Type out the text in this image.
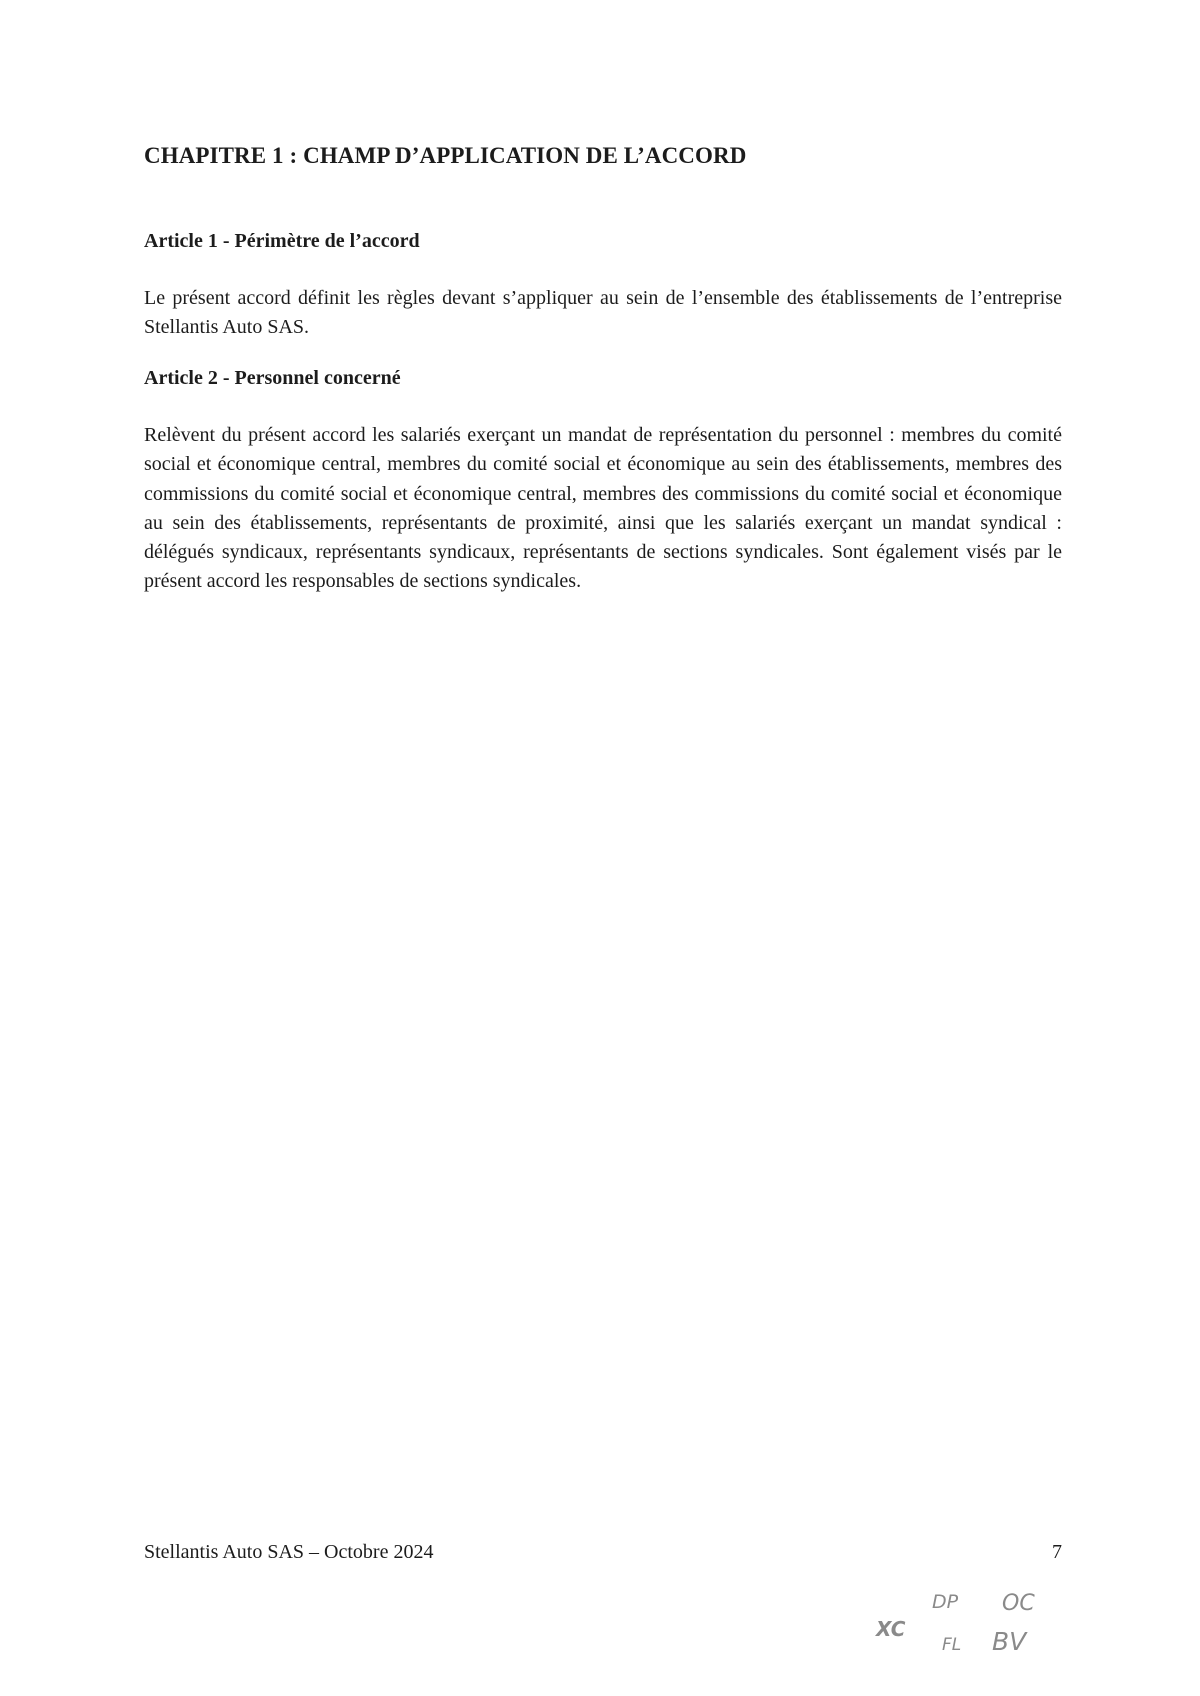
CHAPITRE 1 : CHAMP D’APPLICATION DE L’ACCORD
Article 1 - Périmètre de l’accord

Le présent accord définit les règles devant s’appliquer au sein de l’ensemble des établissements de l’entreprise Stellantis Auto SAS.

Article 2 - Personnel concerné

Relèvent du présent accord les salariés exerçant un mandat de représentation du personnel : membres du comité social et économique central, membres du comité social et économique au sein des établissements, membres des commissions du comité social et économique central, membres des commissions du comité social et économique au sein des établissements, représentants de proximité, ainsi que les salariés exerçant un mandat syndical : délégués syndicaux, représentants syndicaux, représentants de sections syndicales. Sont également visés par le présent accord les responsables de sections syndicales.

Stellantis Auto SAS – Octobre 2024	7
XC
DP OC
FL BV
